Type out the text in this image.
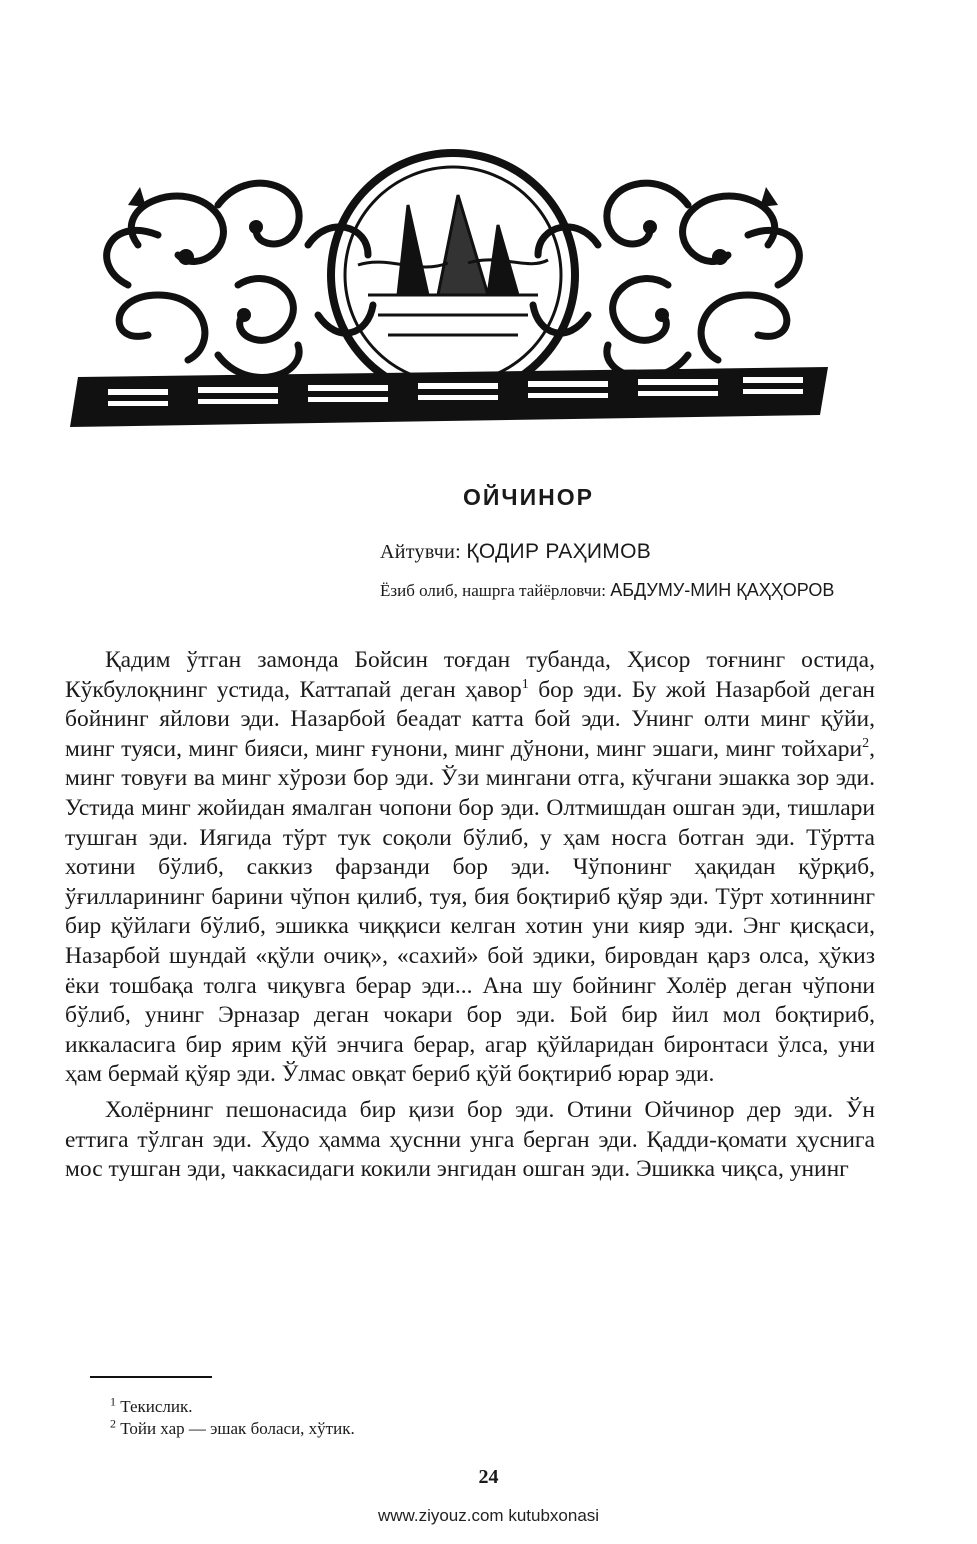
ОЙЧИНОР
Айтувчи: ҚОДИР РАҲИМОВ
Ёзиб олиб, нашрга тайёрловчи: АБДУМУ-МИН ҚАҲҲОРОВ

Қадим ўтган замонда Бойсин тоғдан тубанда, Ҳисор тоғнинг остида, Кўкбулоқнинг устида, Каттапай деган ҳавор$^1$ бор эди. Бу жой Назарбой деган бойнинг яйлови эди. Назарбой беадат катта бой эди. Унинг олти минг қўйи, минг туяси, минг бияси, минг ғунони, минг дўнони, минг эшаги, минг тойхари$^2$, минг товуғи ва минг хўрози бор эди. Ўзи мингани отга, кўчгани эшакка зор эди. Устида минг жойидан ямалган чопони бор эди. Олтмишдан ошган эди, тишлари тушган эди. Иягида тўрт тук соқоли бўлиб, у ҳам носга ботган эди. Тўртта хотини бўлиб, саккиз фарзанди бор эди. Чўпонинг ҳақидан қўрқиб, ўғилларининг барини чўпон қилиб, туя, бия боқтириб қўяр эди. Тўрт хотиннинг бир қўйлаги бўлиб, эшикка чиққиси келган хотин уни кияр эди. Энг қисқаси, Назарбой шундай «қўли очиқ», «сахий» бой эдики, бировдан қарз олса, ҳўкиз ёки тошбақа толга чиқувга берар эди... Ана шу бойнинг Холёр деган чўпони бўлиб, унинг Эрназар деган чокари бор эди. Бой бир йил мол боқтириб, иккаласига бир ярим қўй энчига берар, агар қўйлaридан биронтаси ўлса, уни ҳам бермай қўяр эди. Ўлмас овқат бериб қўй боқтириб юрар эди.

Холёрнинг пешонасида бир қизи бор эди. Отини Ойчинор дер эди. Ўн еттига тўлган эди. Худо ҳамма ҳуснни унга берган эди. Қадди-қомати ҳуснига мос тушган эди, чаккасидаги кокили энгидан ошган эди. Эшикка чиқса, унинг

$^1$ Текислик.
$^2$ Тойи хар — эшак боласи, хўтик.
24
www.ziyouz.com kutubxonasi
